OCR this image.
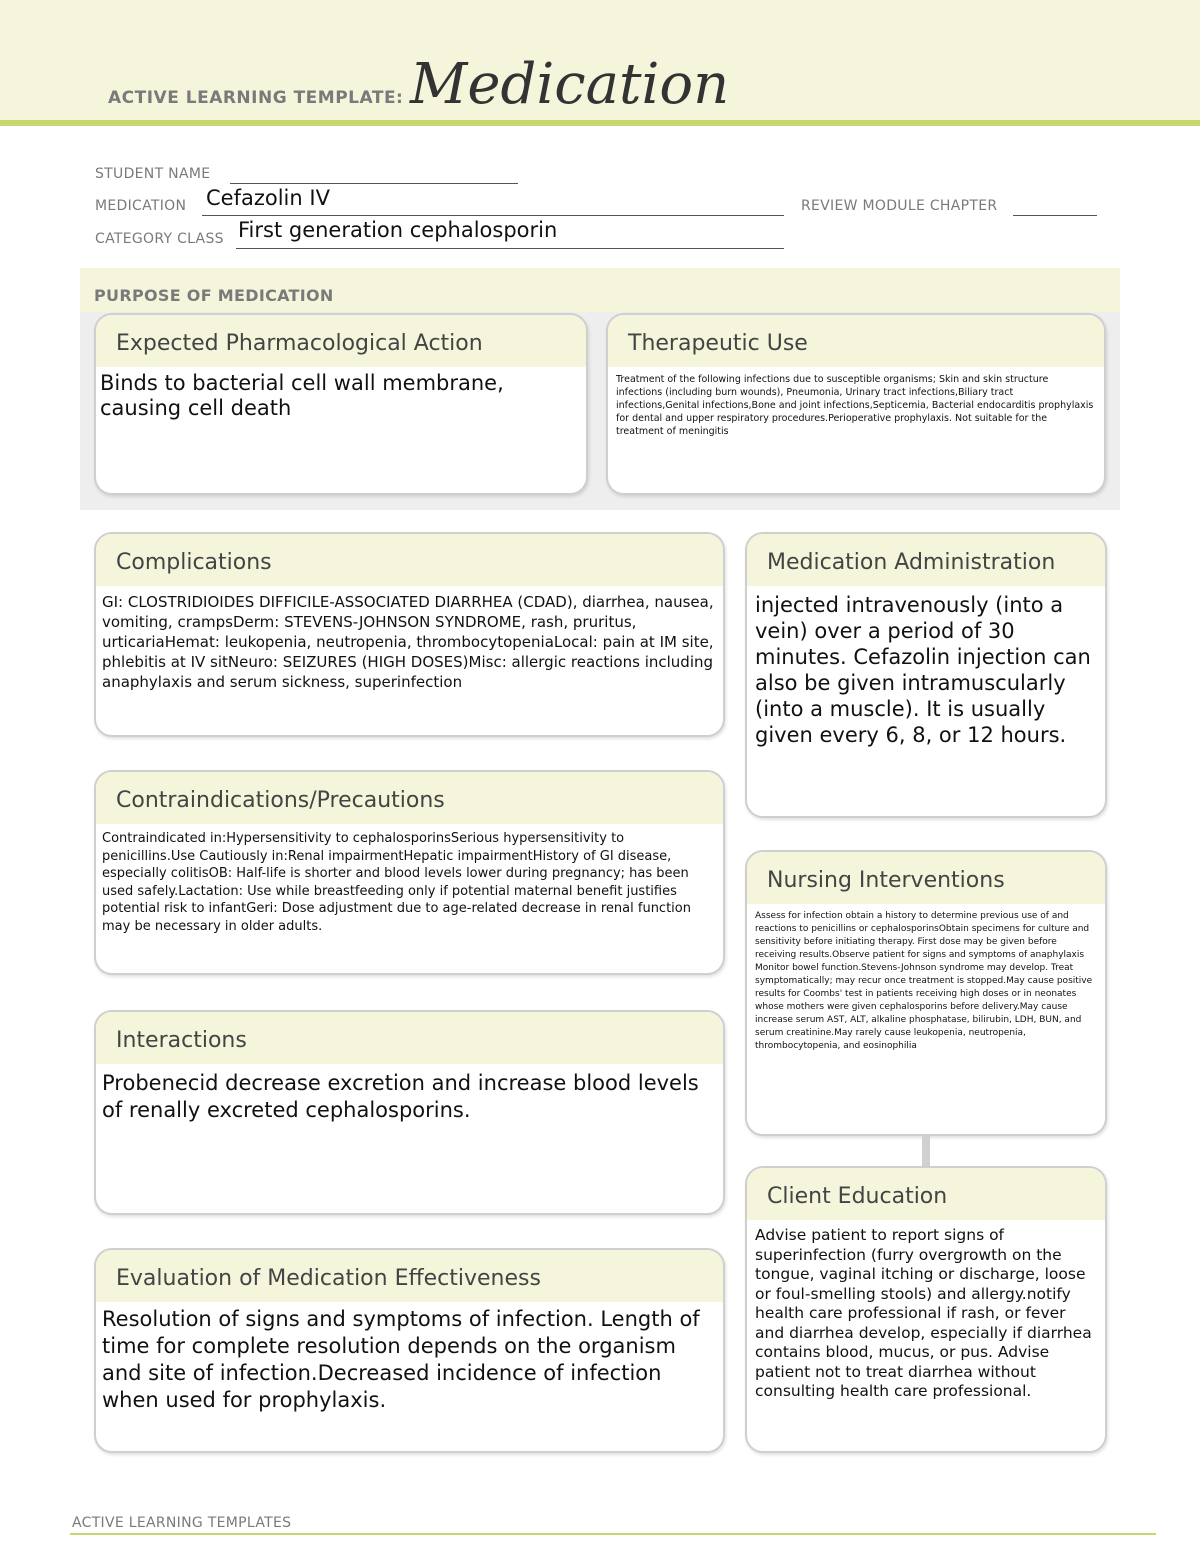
ACTIVE LEARNING TEMPLATE: Medication
STUDENT NAME
MEDICATION Cefazolin IV	REVIEW MODULE CHAPTER
CATEGORY CLASS First generation cephalosporin
PURPOSE OF MEDICATION
Expected Pharmacological Action
Binds to bacterial cell wall membrane, causing cell death
Therapeutic Use
Treatment of the following infections due to susceptible organisms; Skin and skin structure infections (including burn wounds), Pneumonia, Urinary tract infections,Biliary tract infections,Genital infections,Bone and joint infections,Septicemia, Bacterial endocarditis prophylaxis for dental and upper respiratory procedures.Perioperative prophylaxis. Not suitable for the treatment of meningitis
Complications
GI: CLOSTRIDIOIDES DIFFICILE-ASSOCIATED DIARRHEA (CDAD), diarrhea, nausea, vomiting, crampsDerm: STEVENS-JOHNSON SYNDROME, rash, pruritus, urticariaHemat: leukopenia, neutropenia, thrombocytopeniaLocal: pain at IM site, phlebitis at IV sitNeuro: SEIZURES (HIGH DOSES)Misc: allergic reactions including anaphylaxis and serum sickness, superinfection
Contraindications/Precautions
Contraindicated in:Hypersensitivity to cephalosporinsSerious hypersensitivity to penicillins.Use Cautiously in:Renal impairmentHepatic impairmentHistory of GI disease, especially colitisOB: Half-life is shorter and blood levels lower during pregnancy; has been used safely.Lactation: Use while breastfeeding only if potential maternal benefit justifies potential risk to infantGeri: Dose adjustment due to age-related decrease in renal function may be necessary in older adults.
Interactions
Probenecid decrease excretion and increase blood levels of renally excreted cephalosporins.
Evaluation of Medication Effectiveness
Resolution of signs and symptoms of infection. Length of time for complete resolution depends on the organism and site of infection.Decreased incidence of infection when used for prophylaxis.
Medication Administration
injected intravenously (into a vein) over a period of 30 minutes. Cefazolin injection can also be given intramuscularly (into a muscle). It is usually given every 6, 8, or 12 hours.
Nursing Interventions
Assess for infection obtain a history to determine previous use of and reactions to penicillins or cephalosporinsObtain specimens for culture and sensitivity before initiating therapy. First dose may be given before receiving results.Observe patient for signs and symptoms of anaphylaxis Monitor bowel function.Stevens-Johnson syndrome may develop. Treat symptomatically; may recur once treatment is stopped.May cause positive results for Coombs' test in patients receiving high doses or in neonates whose mothers were given cephalosporins before delivery.May cause increase serum AST, ALT, alkaline phosphatase, bilirubin, LDH, BUN, and serum creatinine.May rarely cause leukopenia, neutropenia, thrombocytopenia, and eosinophilia
Client Education
Advise patient to report signs of superinfection (furry overgrowth on the tongue, vaginal itching or discharge, loose or foul-smelling stools) and allergy.notify health care professional if rash, or fever and diarrhea develop, especially if diarrhea contains blood, mucus, or pus. Advise patient not to treat diarrhea without consulting health care professional.
ACTIVE LEARNING TEMPLATES
